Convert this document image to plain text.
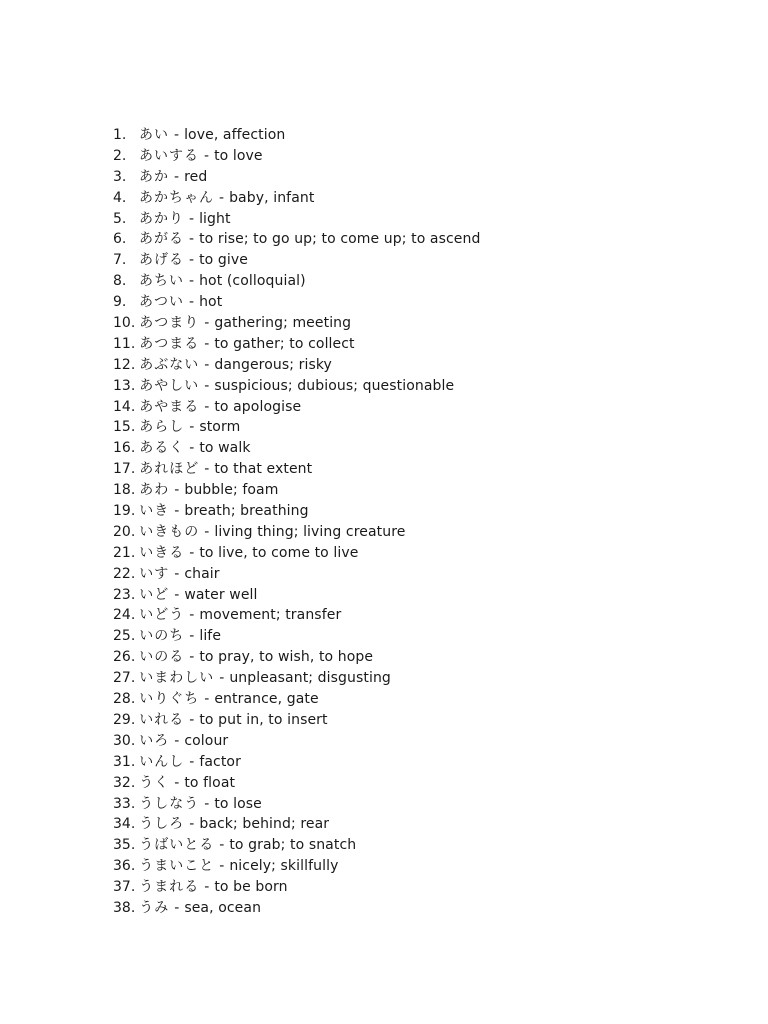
1. あい - love, affection
2. あいする - to love
3. あか - red
4. あかちゃん - baby, infant
5. あかり - light
6. あがる - to rise; to go up; to come up; to ascend
7. あげる - to give
8. あちい - hot (colloquial)
9. あつい - hot
10. あつまり - gathering; meeting
11. あつまる - to gather; to collect
12. あぶない - dangerous; risky
13. あやしい - suspicious; dubious; questionable
14. あやまる - to apologise
15. あらし - storm
16. あるく - to walk
17. あれほど - to that extent
18. あわ - bubble; foam
19. いき - breath; breathing
20. いきもの - living thing; living creature
21. いきる - to live, to come to live
22. いす - chair
23. いど - water well
24. いどう - movement; transfer
25. いのち - life
26. いのる - to pray, to wish, to hope
27. いまわしい - unpleasant; disgusting
28. いりぐち - entrance, gate
29. いれる - to put in, to insert
30. いろ - colour
31. いんし - factor
32. うく - to float
33. うしなう - to lose
34. うしろ - back; behind; rear
35. うばいとる - to grab; to snatch
36. うまいこと - nicely; skillfully
37. うまれる - to be born
38. うみ - sea, ocean
